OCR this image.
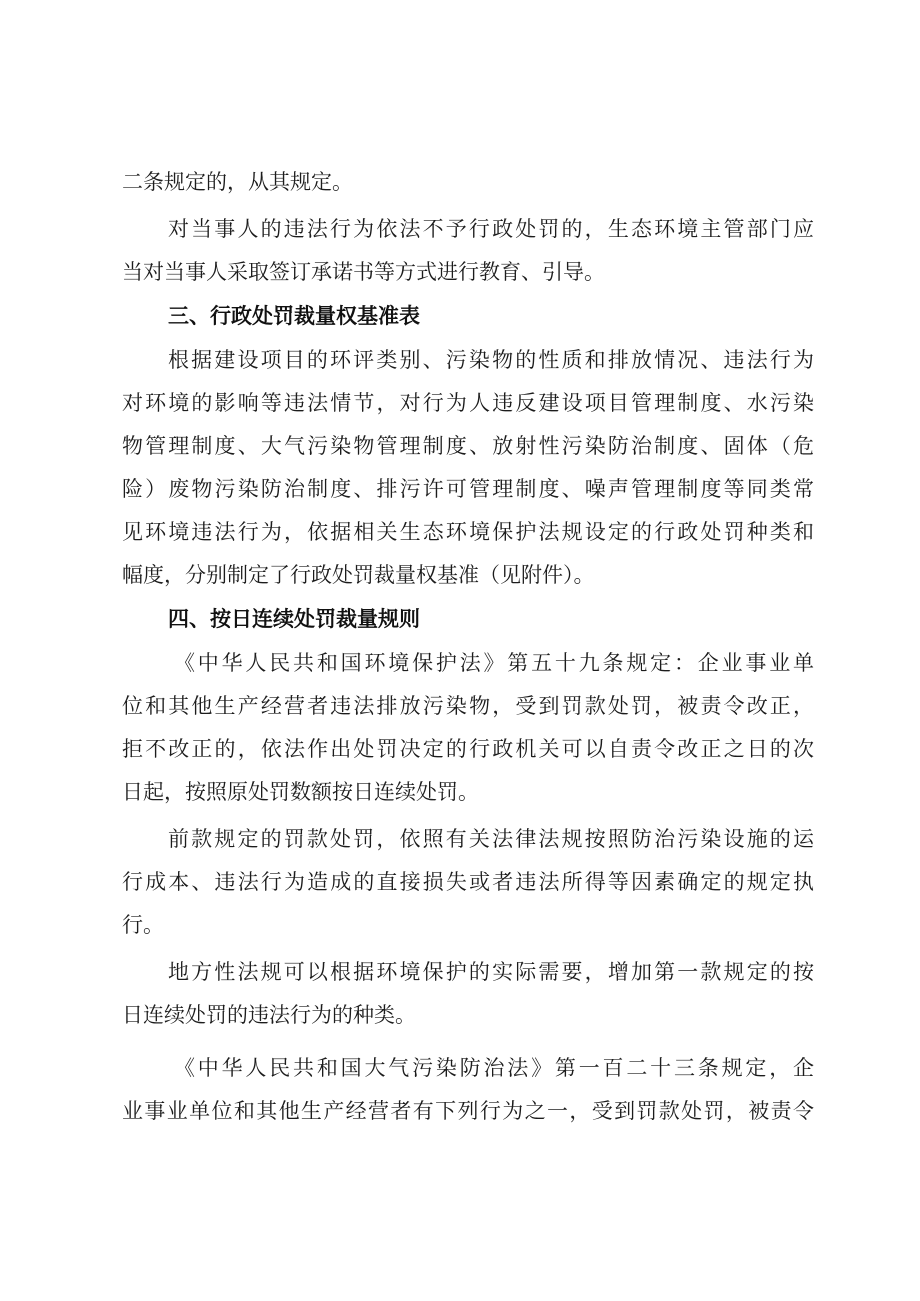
二条规定的，从其规定。
对当事人的违法行为依法不予行政处罚的，生态环境主管部门应
当对当事人采取签订承诺书等方式进行教育、引导。
三、行政处罚裁量权基准表
根据建设项目的环评类别、污染物的性质和排放情况、违法行为
对环境的影响等违法情节，对行为人违反建设项目管理制度、水污染
物管理制度、大气污染物管理制度、放射性污染防治制度、固体（危
险）废物污染防治制度、排污许可管理制度、噪声管理制度等同类常
见环境违法行为，依据相关生态环境保护法规设定的行政处罚种类和
幅度，分别制定了行政处罚裁量权基准（见附件）。
四、按日连续处罚裁量规则
《中华人民共和国环境保护法》第五十九条规定：企业事业单
位和其他生产经营者违法排放污染物，受到罚款处罚，被责令改正，
拒不改正的，依法作出处罚决定的行政机关可以自责令改正之日的次
日起，按照原处罚数额按日连续处罚。
前款规定的罚款处罚，依照有关法律法规按照防治污染设施的运
行成本、违法行为造成的直接损失或者违法所得等因素确定的规定执
行。
地方性法规可以根据环境保护的实际需要，增加第一款规定的按
日连续处罚的违法行为的种类。
《中华人民共和国大气污染防治法》第一百二十三条规定，企
业事业单位和其他生产经营者有下列行为之一，受到罚款处罚，被责令
